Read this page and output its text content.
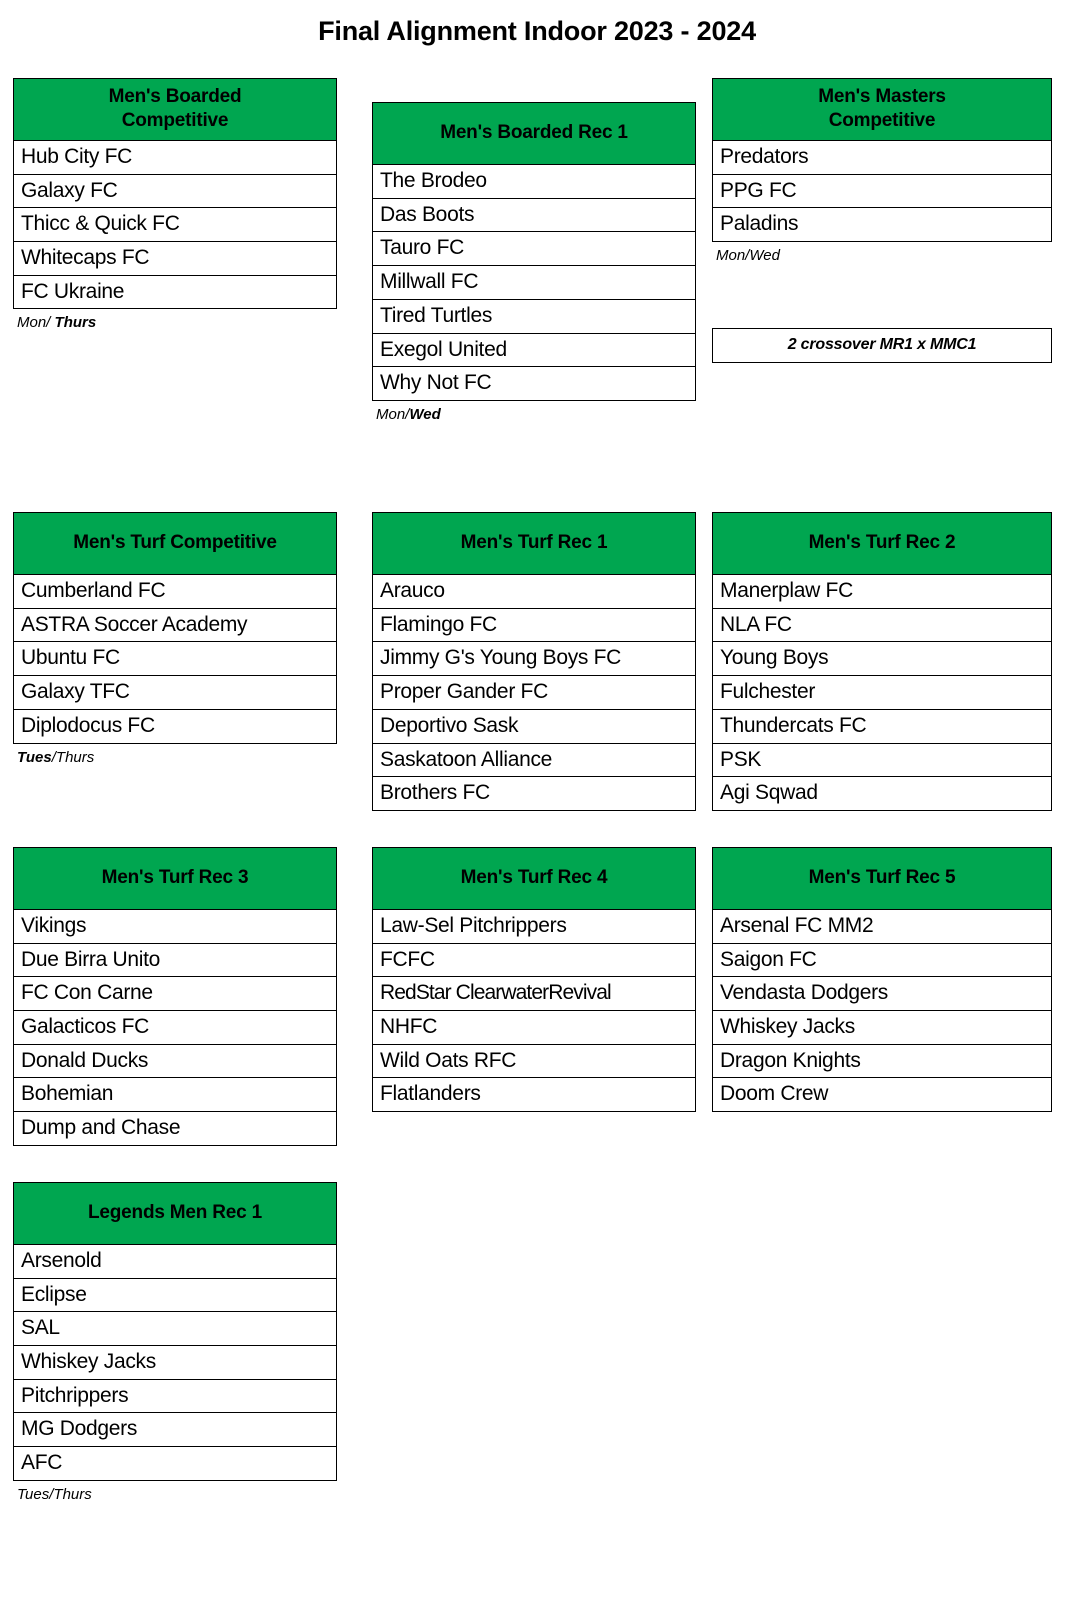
Final Alignment Indoor 2023 - 2024
Men's Boarded
Competitive
Hub City FC
Galaxy FC
Thicc & Quick FC
Whitecaps FC
FC Ukraine
Mon/ Thurs
Men's Boarded Rec 1
The Brodeo
Das Boots
Tauro FC
Millwall FC
Tired Turtles
Exegol United
Why Not FC
Mon/Wed
Men's Masters
Competitive
Predators
PPG FC
Paladins
Mon/Wed
2 crossover MR1 x MMC1
Men's Turf Competitive
Cumberland FC
ASTRA Soccer Academy
Ubuntu FC
Galaxy TFC
Diplodocus FC
Tues/Thurs
Men's Turf Rec 1
Arauco
Flamingo FC
Jimmy G's Young Boys FC
Proper Gander FC
Deportivo Sask
Saskatoon Alliance
Brothers FC
Men's Turf Rec 2
Manerplaw FC
NLA FC
Young Boys
Fulchester
Thundercats FC
PSK
Agi Sqwad
Men's Turf Rec 3
Vikings
Due Birra Unito
FC Con Carne
Galacticos FC
Donald Ducks
Bohemian
Dump and Chase
Men's Turf Rec 4
Law-Sel Pitchrippers
FCFC
RedStar ClearwaterRevival
NHFC
Wild Oats RFC
Flatlanders
Men's Turf Rec 5
Arsenal FC MM2
Saigon FC
Vendasta Dodgers
Whiskey Jacks
Dragon Knights
Doom Crew
Legends Men Rec 1
Arsenold
Eclipse
SAL
Whiskey Jacks
Pitchrippers
MG Dodgers
AFC
Tues/Thurs
